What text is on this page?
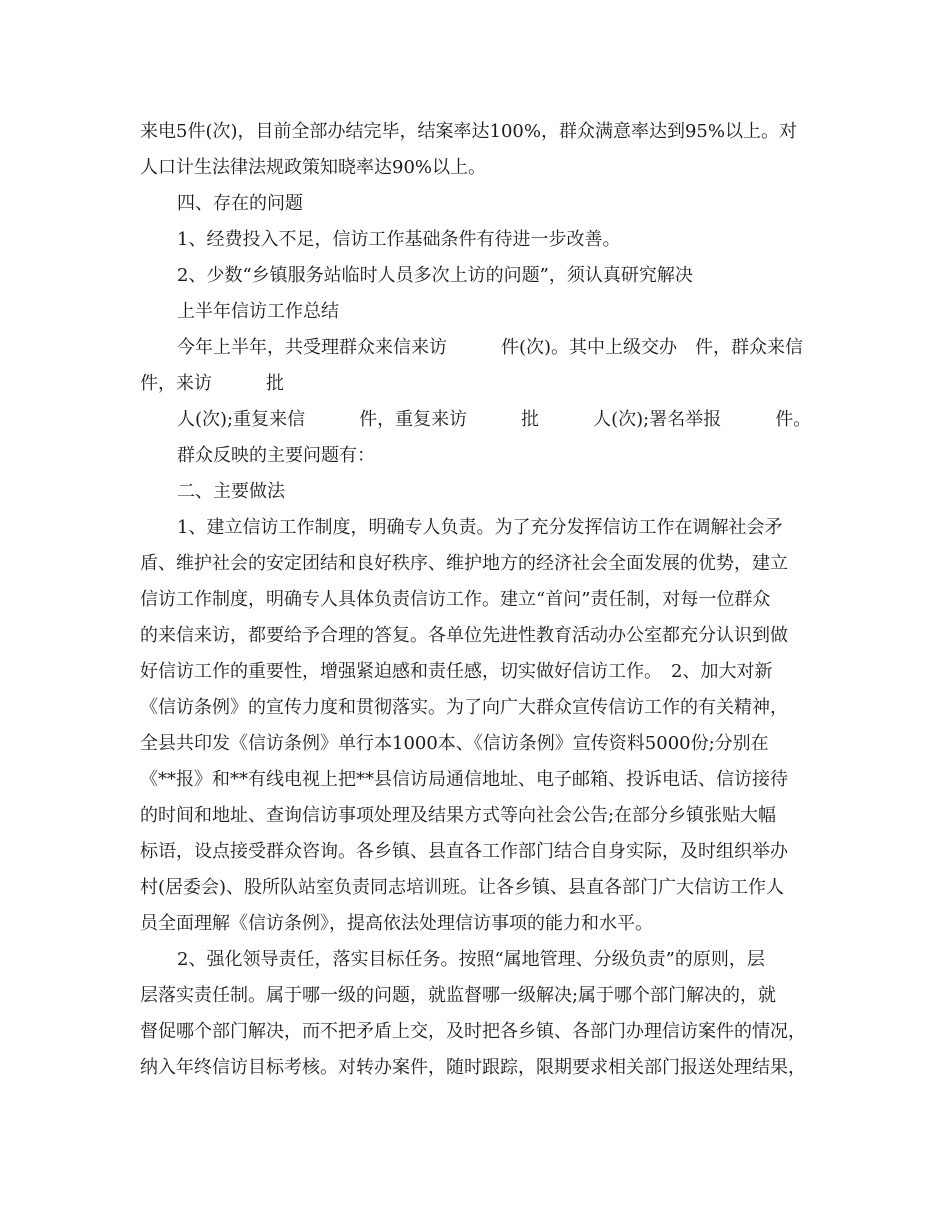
来电5件(次)，目前全部办结完毕，结案率达100%，群众满意率达到95%以上。对

人口计生法律法规政策知晓率达90%以上。

四、存在的问题

1、经费投入不足，信访工作基础条件有待进一步改善。

2、少数“乡镇服务站临时人员多次上访的问题”，须认真研究解决

上半年信访工作总结

今年上半年，共受理群众来信来访　　　件(次)。其中上级交办　件，群众来信

件，来访　　　批

人(次);重复来信　　　件，重复来访　　　批　　　人(次);署名举报　　　件。

群众反映的主要问题有：

二、主要做法

1、建立信访工作制度，明确专人负责。为了充分发挥信访工作在调解社会矛

盾、维护社会的安定团结和良好秩序、维护地方的经济社会全面发展的优势，建立

信访工作制度，明确专人具体负责信访工作。建立“首问”责任制，对每一位群众

的来信来访，都要给予合理的答复。各单位先进性教育活动办公室都充分认识到做

好信访工作的重要性，增强紧迫感和责任感，切实做好信访工作。　2、加大对新

《信访条例》的宣传力度和贯彻落实。为了向广大群众宣传信访工作的有关精神，

全县共印发《信访条例》单行本1000本、《信访条例》宣传资料5000份;分别在

《**报》和**有线电视上把**县信访局通信地址、电子邮箱、投诉电话、信访接待

的时间和地址、查询信访事项处理及结果方式等向社会公告;在部分乡镇张贴大幅

标语，设点接受群众咨询。各乡镇、县直各工作部门结合自身实际，及时组织举办

村(居委会)、股所队站室负责同志培训班。让各乡镇、县直各部门广大信访工作人

员全面理解《信访条例》，提高依法处理信访事项的能力和水平。

2、强化领导责任，落实目标任务。按照“属地管理、分级负责”的原则，层

层落实责任制。属于哪一级的问题，就监督哪一级解决;属于哪个部门解决的，就

督促哪个部门解决，而不把矛盾上交，及时把各乡镇、各部门办理信访案件的情况，

纳入年终信访目标考核。对转办案件，随时跟踪，限期要求相关部门报送处理结果，
